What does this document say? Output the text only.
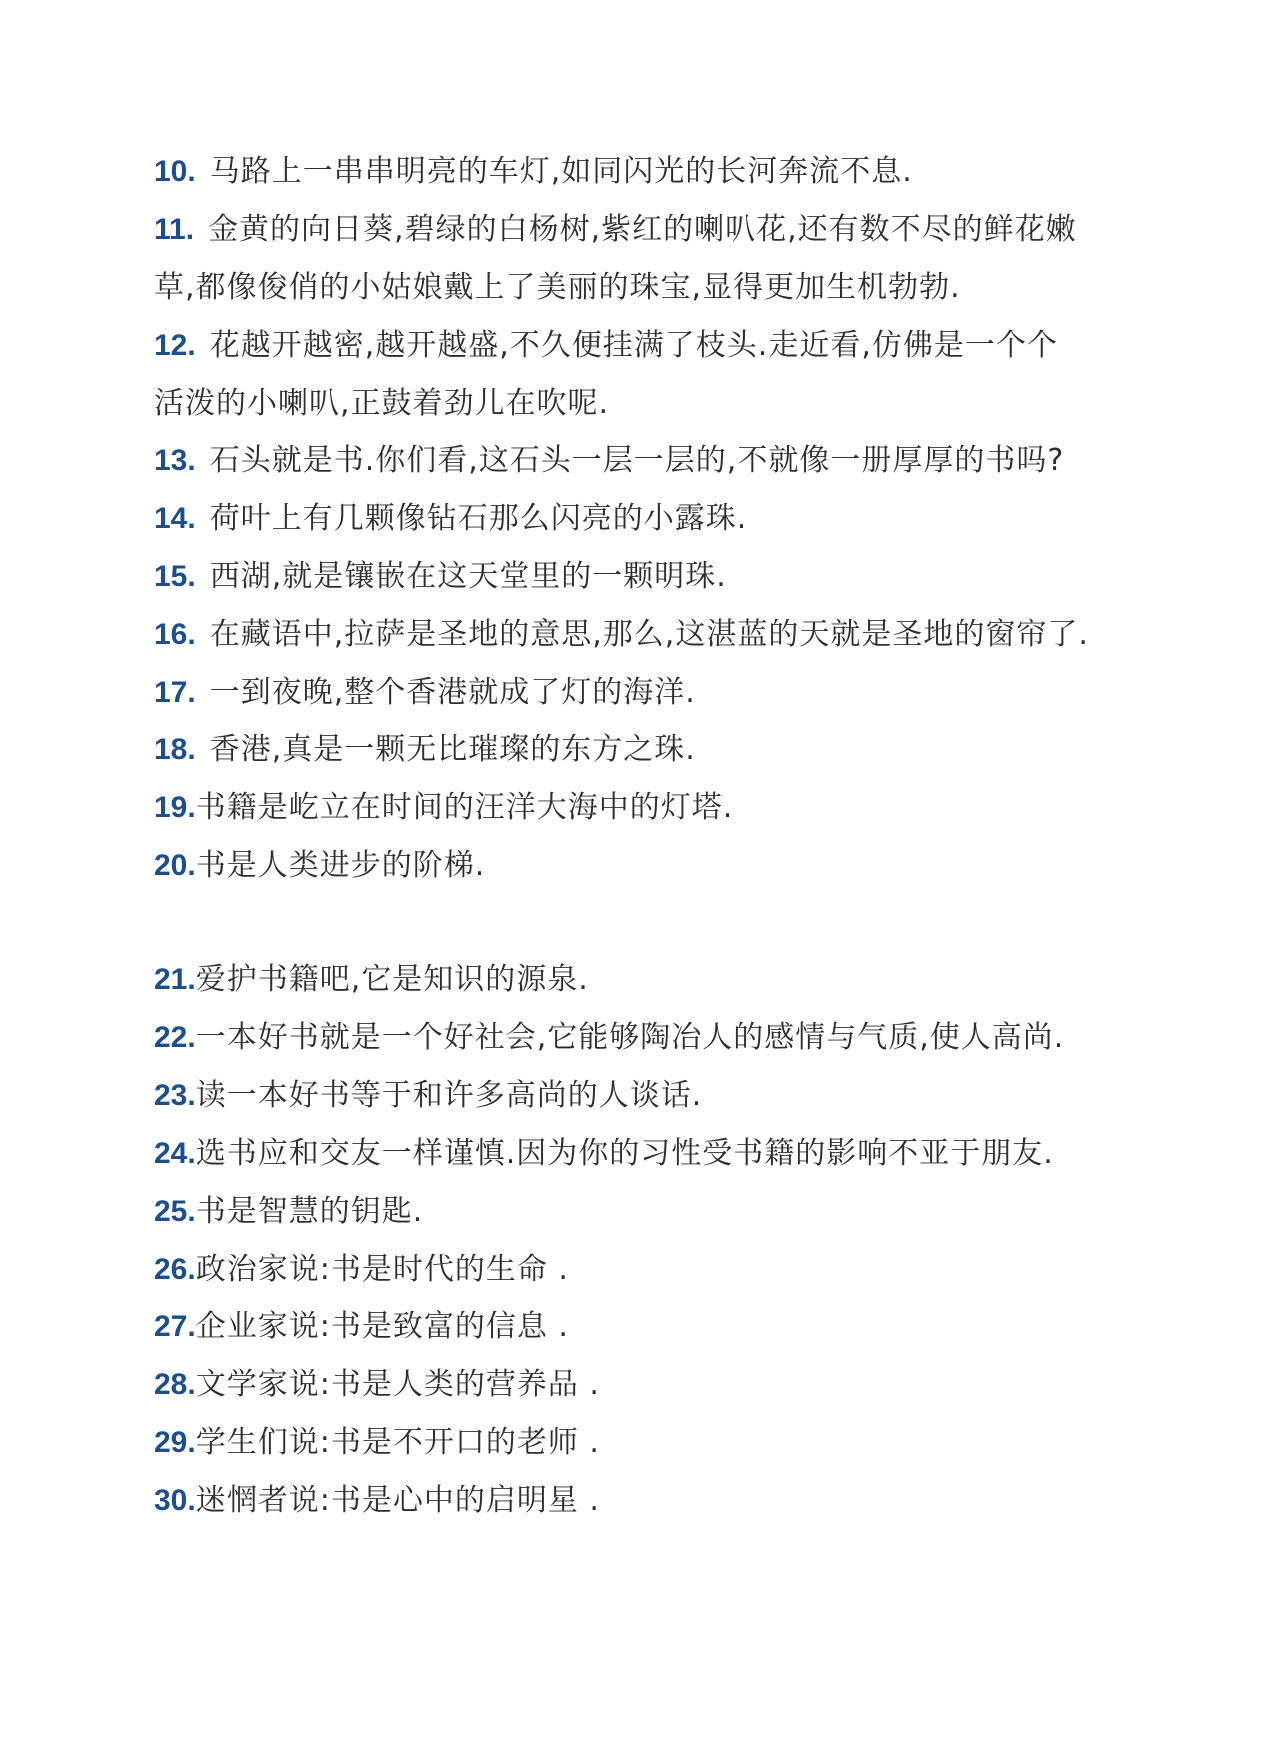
10. 马路上一串串明亮的车灯,如同闪光的长河奔流不息.
11. 金黄的向日葵,碧绿的白杨树,紫红的喇叭花,还有数不尽的鲜花嫩
草,都像俊俏的小姑娘戴上了美丽的珠宝,显得更加生机勃勃.
12. 花越开越密,越开越盛,不久便挂满了枝头.走近看,仿佛是一个个
活泼的小喇叭,正鼓着劲儿在吹呢.
13. 石头就是书.你们看,这石头一层一层的,不就像一册厚厚的书吗?
14. 荷叶上有几颗像钻石那么闪亮的小露珠.
15. 西湖,就是镶嵌在这天堂里的一颗明珠.
16. 在藏语中,拉萨是圣地的意思,那么,这湛蓝的天就是圣地的窗帘了.
17. 一到夜晚,整个香港就成了灯的海洋.
18. 香港,真是一颗无比璀璨的东方之珠.
19.书籍是屹立在时间的汪洋大海中的灯塔.
20.书是人类进步的阶梯.
21.爱护书籍吧,它是知识的源泉.
22.一本好书就是一个好社会,它能够陶冶人的感情与气质,使人高尚.
23.读一本好书等于和许多高尚的人谈话.
24.选书应和交友一样谨慎.因为你的习性受书籍的影响不亚于朋友.
25.书是智慧的钥匙.
26.政治家说:书是时代的生命 .
27.企业家说:书是致富的信息 .
28.文学家说:书是人类的营养品 .
29.学生们说:书是不开口的老师 .
30.迷惘者说:书是心中的启明星 .
